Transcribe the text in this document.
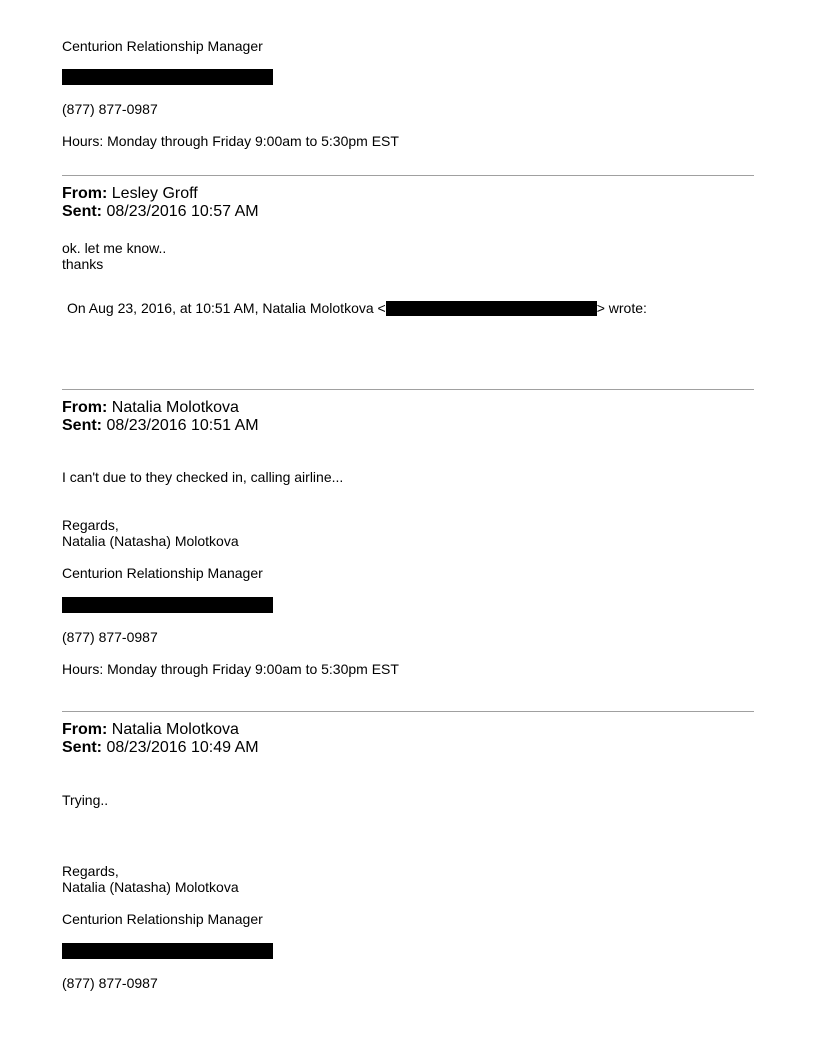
Centurion Relationship Manager
(877) 877-0987
Hours: Monday through Friday 9:00am to 5:30pm EST
From: Lesley Groff
Sent: 08/23/2016 10:57 AM
ok. let me know..
thanks
On Aug 23, 2016, at 10:51 AM, Natalia Molotkova <	> wrote:
From: Natalia Molotkova
Sent: 08/23/2016 10:51 AM
I can't due to they checked in, calling airline...
Regards,
Natalia (Natasha) Molotkova
Centurion Relationship Manager
(877) 877-0987
Hours: Monday through Friday 9:00am to 5:30pm EST
From: Natalia Molotkova
Sent: 08/23/2016 10:49 AM
Trying..
Regards,
Natalia (Natasha) Molotkova
Centurion Relationship Manager
(877) 877-0987
